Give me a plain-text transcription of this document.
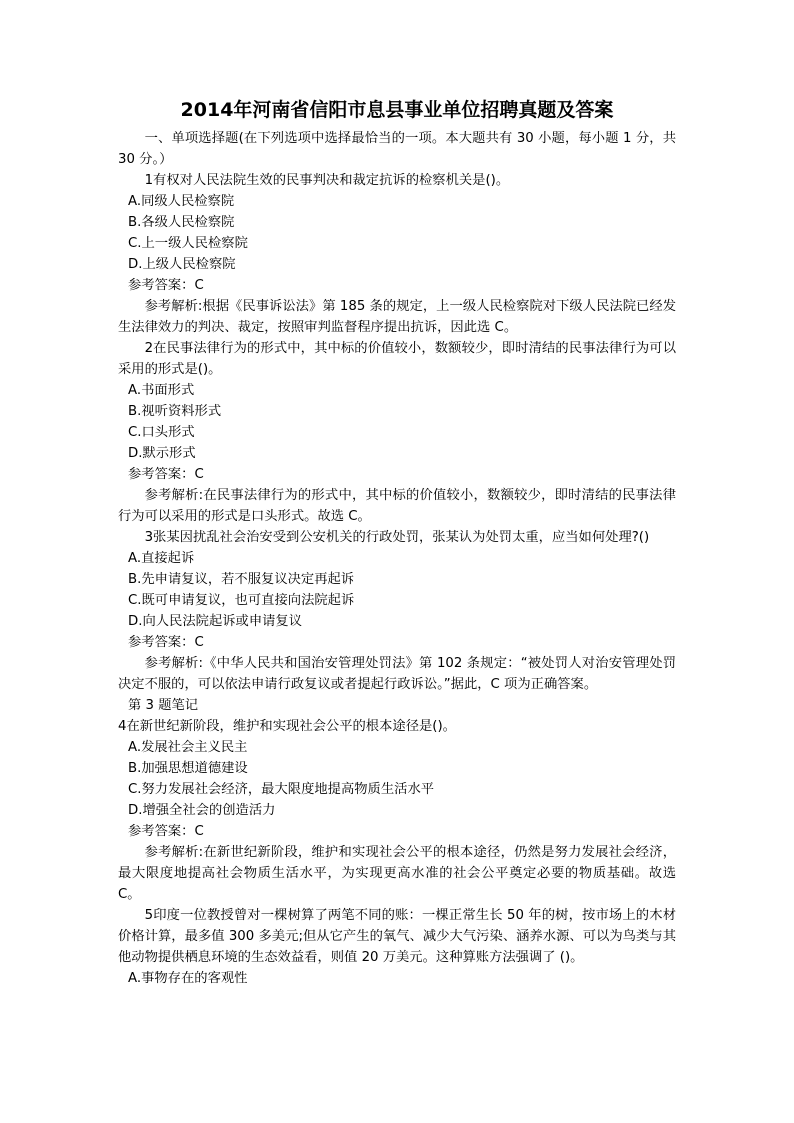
2014年河南省信阳市息县事业单位招聘真题及答案

一、单项选择题(在下列选项中选择最恰当的一项。本大题共有 30 小题，每小题 1 分，共 30 分。）

1有权对人民法院生效的民事判决和裁定抗诉的检察机关是()。

A.同级人民检察院

B.各级人民检察院

C.上一级人民检察院

D.上级人民检察院

参考答案：C

参考解析:根据《民事诉讼法》第 185 条的规定，上一级人民检察院对下级人民法院已经发生法律效力的判决、裁定，按照审判监督程序提出抗诉，因此选 C。

2在民事法律行为的形式中，其中标的价值较小，数额较少，即时清结的民事法律行为可以采用的形式是()。

A.书面形式

B.视听资料形式

C.口头形式

D.默示形式

参考答案：C

参考解析:在民事法律行为的形式中，其中标的价值较小，数额较少，即时清结的民事法律行为可以采用的形式是口头形式。故选 C。

3张某因扰乱社会治安受到公安机关的行政处罚，张某认为处罚太重，应当如何处理?()

A.直接起诉

B.先申请复议，若不服复议决定再起诉

C.既可申请复议，也可直接向法院起诉

D.向人民法院起诉或申请复议

参考答案：C

参考解析:《中华人民共和国治安管理处罚法》第 102 条规定：“被处罚人对治安管理处罚决定不服的，可以依法申请行政复议或者提起行政诉讼。”据此，C 项为正确答案。

第 3 题笔记

4在新世纪新阶段，维护和实现社会公平的根本途径是()。

A.发展社会主义民主

B.加强思想道德建设

C.努力发展社会经济，最大限度地提高物质生活水平

D.增强全社会的创造活力

参考答案：C

参考解析:在新世纪新阶段，维护和实现社会公平的根本途径，仍然是努力发展社会经济，最大限度地提高社会物质生活水平，为实现更高水准的社会公平奠定必要的物质基础。故选 C。

5印度一位教授曾对一棵树算了两笔不同的账：一棵正常生长 50 年的树，按市场上的木材价格计算，最多值 300 多美元;但从它产生的氧气、减少大气污染、涵养水源、可以为鸟类与其他动物提供栖息环境的生态效益看，则值 20 万美元。这种算账方法强调了 ()。

A.事物存在的客观性
